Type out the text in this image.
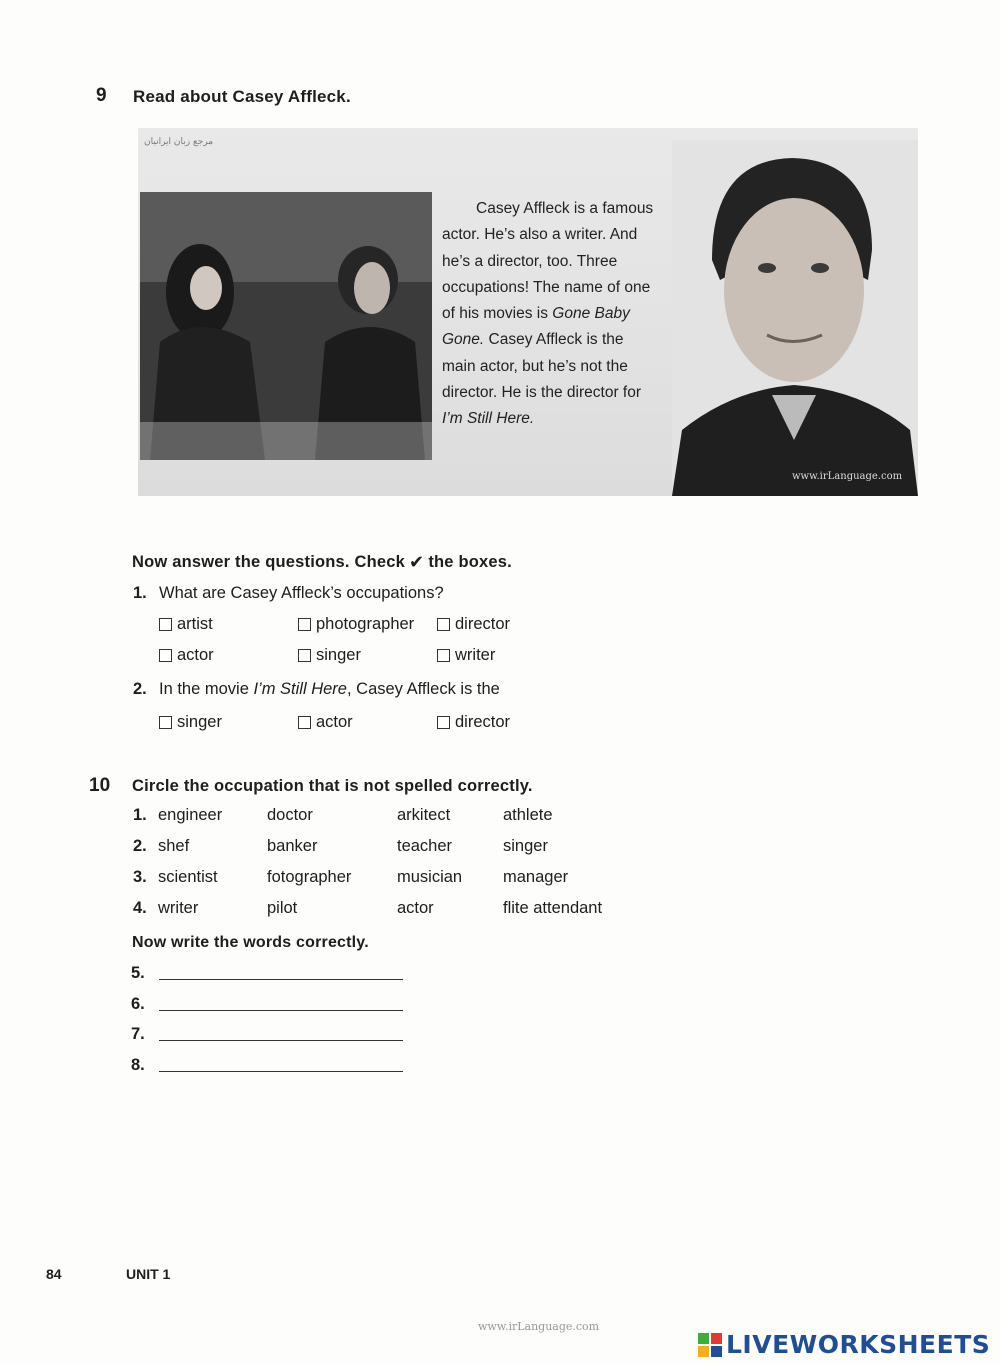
9 Read about Casey Affleck.
مرجع زبان ایرانیان
www.irLanguage.com

Casey Affleck is a famous

actor. He’s also a writer. And

he’s a director, too. Three

occupations! The name of one

of his movies is Gone Baby

Gone. Casey Affleck is the

main actor, but he’s not the

director. He is the director for

I’m Still Here.

Now answer the questions. Check ✔ the boxes.
1. What are Casey Affleck’s occupations?
artist	photographer director
actor	singer	writer
2. In the movie I’m Still Here, Casey Affleck is the
singer	actor	director
10 Circle the occupation that is not spelled correctly.
1. engineer	doctor	arkitect	athlete
2. shef	banker	teacher	singer
3. scientist	fotographer	musician manager
4. writer	pilot	actor	flite attendant
Now write the words correctly.
5.
6.
7.
8.
84	UNIT 1
www.irLanguage.com
LIVEWORKSHEETS
